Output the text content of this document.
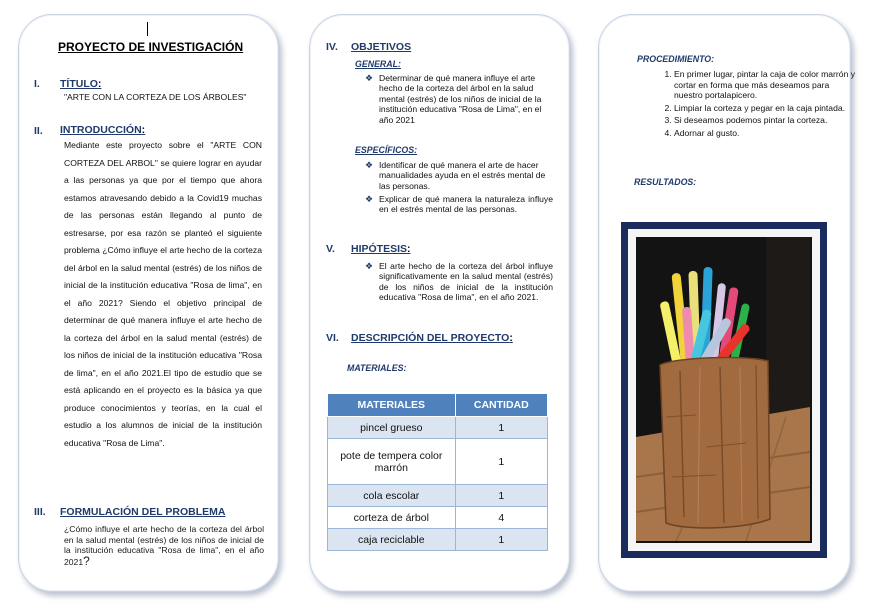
PROYECTO DE INVESTIGACIÓN
I. TÍTULO:
"ARTE CON LA CORTEZA DE LOS ÁRBOLES"
II. INTRODUCCIÓN:
Mediante este proyecto sobre el "ARTE CON CORTEZA DEL ARBOL" se quiere lograr en ayudar a las personas ya que por el tiempo que ahora estamos atravesando debido a la Covid19 muchas de las personas están llegando al punto de estresarse, por esa razón se planteó el siguiente problema ¿Cómo influye el arte hecho de la corteza del árbol en la salud mental (estrés) de los niños de inicial de la institución educativa "Rosa de lima", en el año 2021? Siendo el objetivo principal de determinar de qué manera influye el arte hecho de la corteza del árbol en la salud mental (estrés) de los niños de inicial de la institución educativa "Rosa de lima", en el año 2021.El tipo de estudio que se está aplicando en el proyecto es la básica ya que produce conocimientos y teorías, en la cual el estudio a los alumnos de inicial de la institución educativa "Rosa de Lima".
III. FORMULACIÓN DEL PROBLEMA
¿Cómo influye el arte hecho de la corteza del árbol en la salud mental (estrés) de los niños de inicial de la institución educativa "Rosa de lima", en el año 2021?
IV. OBJETIVOS
GENERAL:
❖ Determinar de qué manera influye el arte hecho de la corteza del árbol en la salud mental (estrés) de los niños de inicial de la institución educativa "Rosa de Lima", en el año 2021
ESPECÍFICOS:
❖ Identificar de qué manera el arte de hacer manualidades ayuda en el estrés mental de las personas.
❖ Explicar de qué manera la naturaleza influye en el estrés mental de las personas.
V. HIPÓTESIS:
❖ El arte hecho de la corteza del árbol influye significativamente en la salud mental (estrés) de los niños de inicial de la institución educativa "Rosa de lima", en el año 2021.
VI. DESCRIPCIÓN DEL PROYECTO:
MATERIALES:
MATERIALES	CANTIDAD
pincel grueso	1
pote de tempera color marrón	1
cola escolar	1
corteza de árbol	4
caja reciclable	1
PROCEDIMIENTO:
1. En primer lugar, pintar la caja de color marrón y cortar en forma que más deseamos para nuestro portalapicero.
2. Limpiar la corteza y pegar en la caja pintada.
3. Si deseamos podemos pintar la corteza.
4. Adornar al gusto.
RESULTADOS:
